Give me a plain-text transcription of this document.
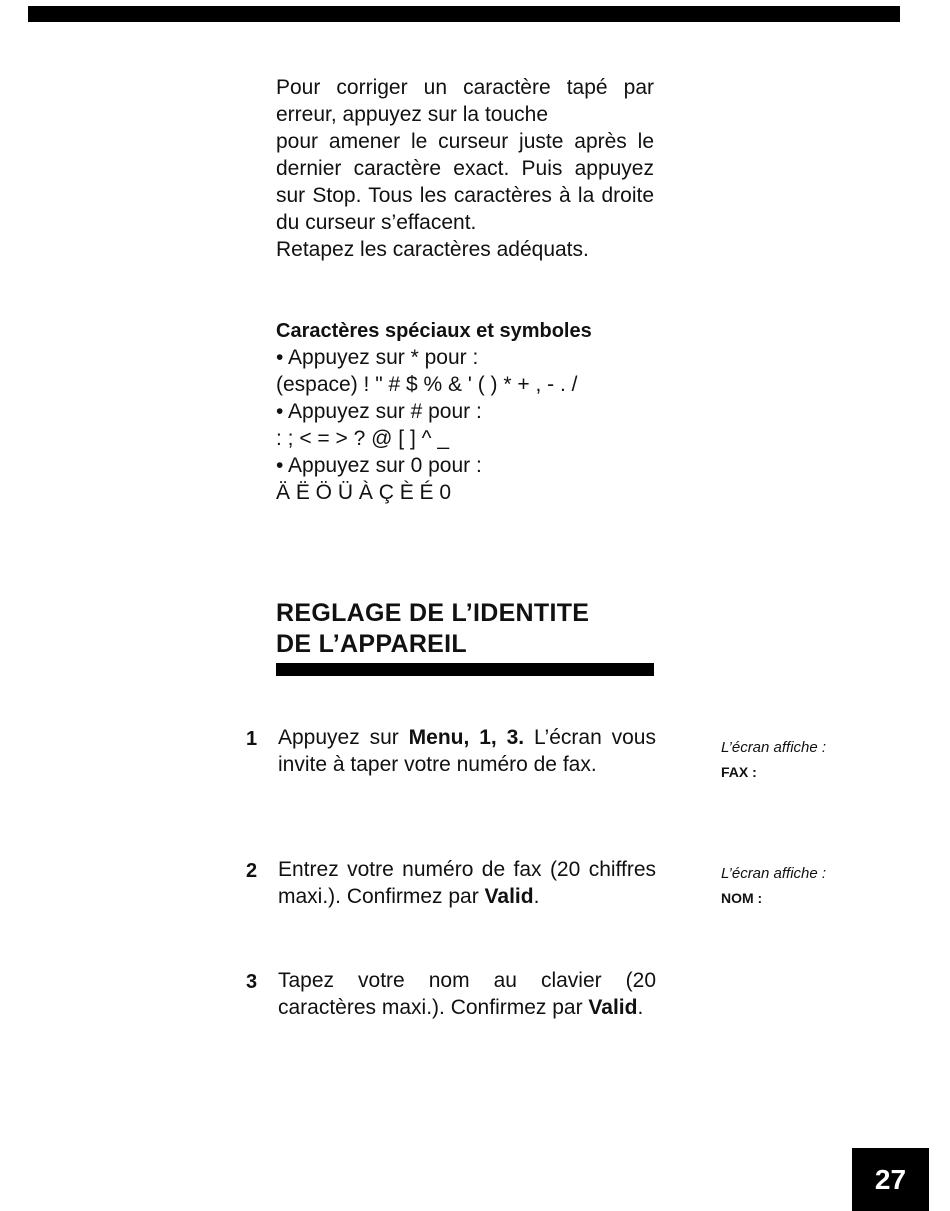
Pour corriger un caractère tapé par erreur, appuyez sur la touche

pour amener le curseur juste après le dernier caractère exact. Puis appuyez sur Stop. Tous les caractères à la droite du curseur s’effacent.

Retapez les caractères adéquats.

Caractères spéciaux et symboles
• Appuyez sur * pour :
(espace) ! " # $ % & ' ( ) * + , - . /
• Appuyez sur # pour :
: ; < = > ? @ [ ] ^ _
• Appuyez sur 0 pour :
Ä Ë Ö Ü À Ç È É 0
REGLAGE DE L’IDENTITE
DE L’APPAREIL
1 Appuyez sur Menu, 1, 3. L’écran vous invite à taper votre numéro de fax.
L’écran affiche :
FAX :
2 Entrez votre numéro de fax (20 chiffres maxi.). Confirmez par Valid.
L’écran affiche :
NOM :
3 Tapez votre nom au clavier (20 caractères maxi.). Confirmez par Valid.
27
